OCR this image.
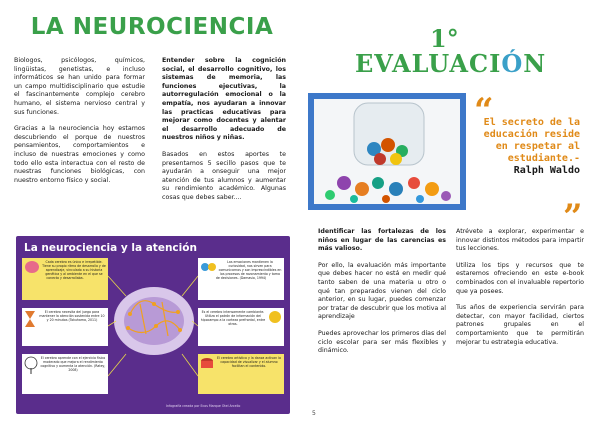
LA NEUROCIENCIA

Biologos, psicólogos, químicos, lingüistas, genetistas, e incluso informáticos se han unido para formar un campo multidisciplinario que estudie el fascinantemente complejo cerebro humano, el sistema nervioso central y sus funciones.

Gracias a la neurociencia hoy estamos descubriendo el porque de nuestros pensamientos, comportamientos e incluso de nuestras emociones y como todo ello esta interactua con el resto de nuestras funciones biológicas, con nuestro entorno físico y social.

Entender sobre la cognición social, el desarrollo cognitivo, los sistemas de memoria, las funciones ejecutivas, la autorregulación emocional o la empatía, nos ayudaran a innovar las practicas educativas para mejorar como docentes y alentar el desarrollo adecuado de nuestros niños y niñas.

Basados en estos aportes te presentamos 5 secillo pasos que te ayudarán a onseguir una mejor atención de tus alumnos y aumentar su rendimiento académico. Algunas cosas que debes saber....

La neurociencia y la atención
Cada cerebro es único e irrepetible. Tiene su propio ritmo de desarrollo y de aprendizaje, vinculado a su historia genética y al ambiente en el que se conecta y desarrollaba.
El cerebro necesita del juego para mantener la atención sostenida entre 10 y 20 minutos (Tokuhama, 2011)
El cerebro aprende con el ejercicio físico moderado que mejora el rendimiento cognitivo y aumenta la atención. (Ratey, 2008)
Las emociones mantienen la curiosidad, nos sirven para comunicarnos y son imprescindibles en los procesos de razonamiento y toma de decisiones. (Damasio, 1994)
Es el cerebro intensamente cambiante. Utiliza el patrón de información del hipocampo a la corteza prefrontal, entre otras.
El cerebro artístico y la danza activan la capacidad de visualizar y el alumno facilitan el contenido.
Infografía creada por Ecos Marque Otel Arcelio
1°
EVALUACIÓN
“
El secreto de la educación reside en respetar al estudiante.-
Ralph Waldo
”

Identificar las fortalezas de los niños en lugar de las carencias es más valioso.

Por ello, la evaluación más importante que debes hacer no está en medir qué tanto saben de una materia u otro o qué tan preparados vienen del ciclo anterior, en su lugar, puedes comenzar por tratar de descubrir que los motiva al aprendizaje

Puedes aprovechar los primeros días del ciclo escolar para ser más flexibles y dinámico.

Atrévete a explorar, experimentar e innovar distintos métodos para impartir tus lecciones.

Utiliza los tips y recursos que te estaremos ofreciendo en este e-book combinados con el invaluable repertorio que ya posees.

Tus años de experiencia servirán para detectar, con mayor facilidad, ciertos patrones grupales en el comportamiento que te permitirán mejorar tu estrategia educativa.

5
